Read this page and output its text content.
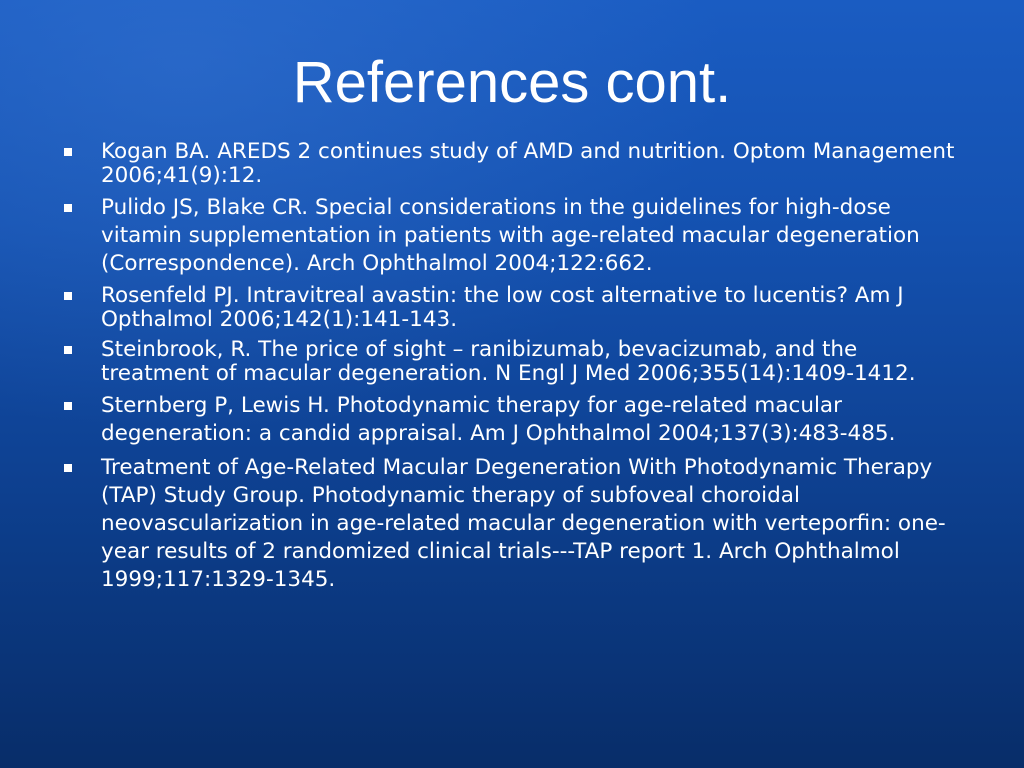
References cont.
Kogan BA. AREDS 2 continues study of AMD and nutrition. Optom Management 2006;41(9):12.
Pulido JS, Blake CR. Special considerations in the guidelines for high-dose vitamin supplementation in patients with age-related macular degeneration (Correspondence). Arch Ophthalmol 2004;122:662.
Rosenfeld PJ. Intravitreal avastin: the low cost alternative to lucentis? Am J Opthalmol 2006;142(1):141-143.
Steinbrook, R. The price of sight – ranibizumab, bevacizumab, and the treatment of macular degeneration. N Engl J Med 2006;355(14):1409-1412.
Sternberg P, Lewis H. Photodynamic therapy for age-related macular degeneration: a candid appraisal. Am J Ophthalmol 2004;137(3):483-485.
Treatment of Age-Related Macular Degeneration With Photodynamic Therapy (TAP) Study Group. Photodynamic therapy of subfoveal choroidal neovascularization in age-related macular degeneration with verteporfin: one-year results of 2 randomized clinical trials---TAP report 1. Arch Ophthalmol 1999;117:1329-1345.
